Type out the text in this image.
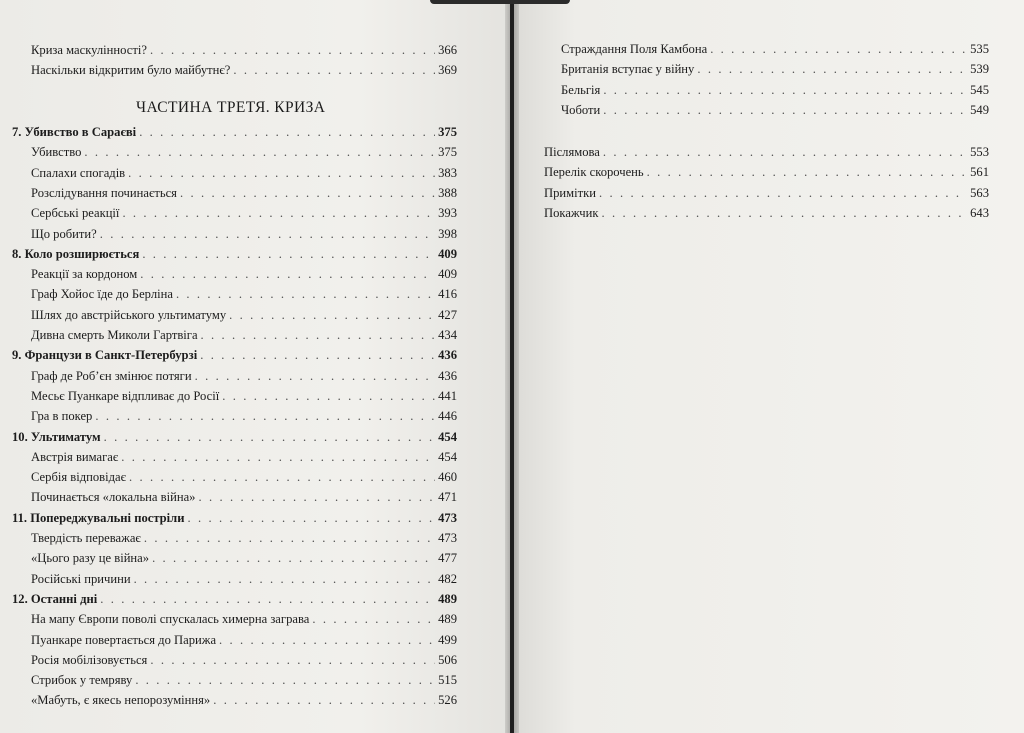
Криза маскулінності? . . .	366
Наскільки відкритим було майбутнє? . . .	369
ЧАСТИНА ТРЕТЯ. КРИЗА
7. Убивство в Сараєві . . .	375
Убивство . . .	375
Спалахи спогадів . . .	383
Розслідування починається . . .	388
Сербські реакції . . .	393
Що робити? . . .	398
8. Коло розширюється . . .	409
Реакції за кордоном . . .	409
Граф Хойос їде до Берліна . . .	416
Шлях до австрійського ультиматуму . . .	427
Дивна смерть Миколи Гартвіга . . .	434
9. Французи в Санкт-Петербурзі . . .	436
Граф де Роб’єн змінює потяги . . .	436
Месьє Пуанкаре відпливає до Росії . . .	441
Гра в покер . . .	446
10. Ультиматум . . .	454
Австрія вимагає . . .	454
Сербія відповідає . . .	460
Починається «локальна війна» . . .	471
11. Попереджувальні постріли . . .	473
Твердість переважає . . .	473
«Цього разу це війна» . . .	477
Російські причини . . .	482
12. Останні дні . . .	489
На мапу Європи поволі спускалась химерна заграва . . .	489
Пуанкаре повертається до Парижа . . .	499
Росія мобілізовується . . .	506
Стрибок у темряву . . .	515
«Мабуть, є якесь непорозуміння» . . .	526
Страждання Поля Камбона . . .	535
Британія вступає у війну . . .	539
Бельгія . . .	545
Чоботи . . .	549
Післямова . . .	553
Перелік скорочень . . .	561
Примітки . . .	563
Покажчик . . .	643
